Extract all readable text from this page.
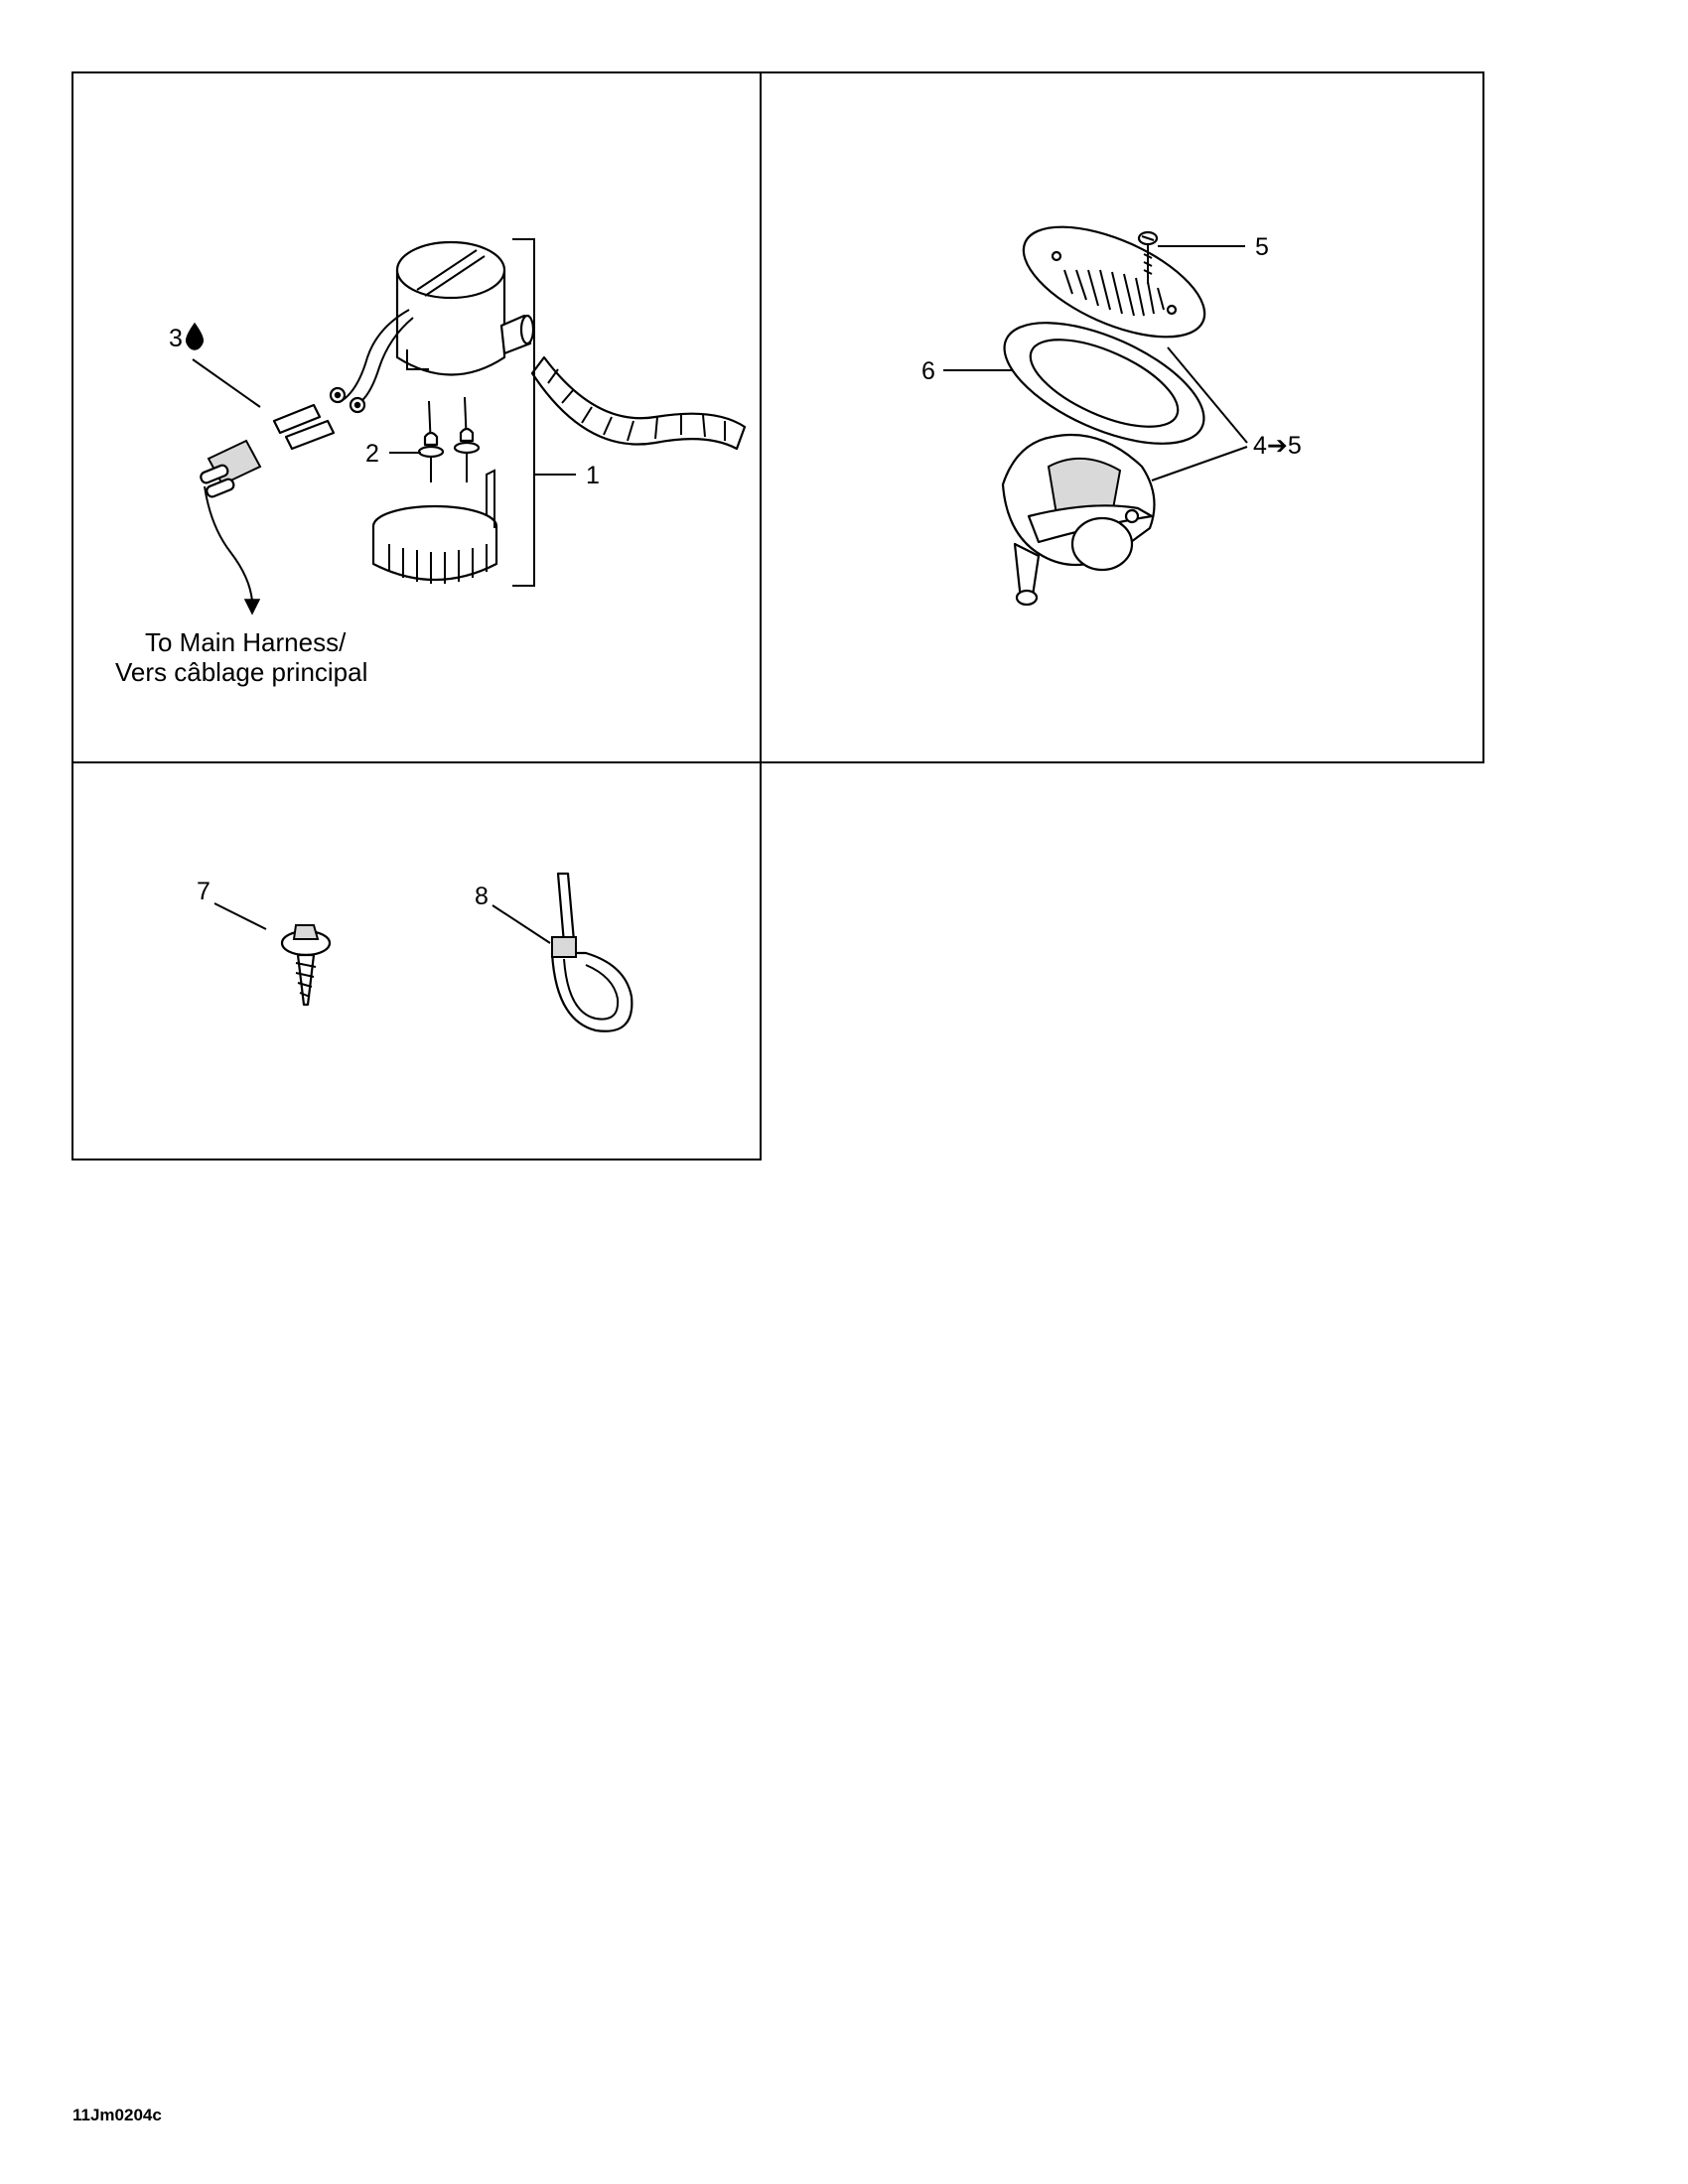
1
2
3
To Main Harness/
Vers câblage principal
5
6
4➔5
7	8
11Jm0204c
